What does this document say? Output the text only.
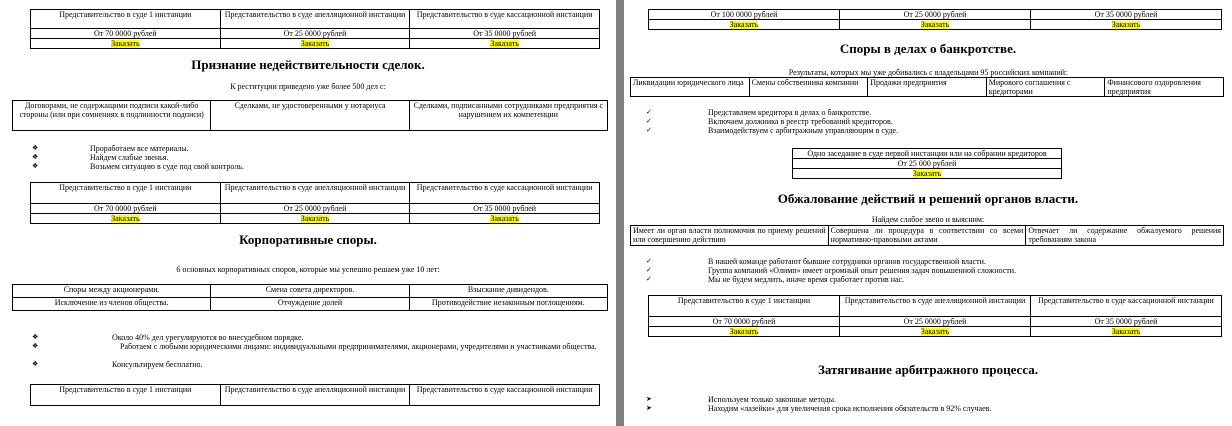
Представительство в суде 1 инстанции	Представительство в суде апелляционной инстанции	Представительство в суде кассационной инстанции
От 70 0000 рублей	От 25 0000 рублей	От 35 0000 рублей
Заказать	Заказать	Заказать
Признание недействительности сделок.
К реституции приведено уже более 500 дел с:
Договорами, не содержащими подписи какой-либо стороны (или при сомнениях в подлинности подписи)	Сделками, не удостоверенными у нотариуса	Сделками, подписанными сотрудниками предприятия с нарушением их компетенции
❖	Проработаем все материалы.
❖	Найдем слабые звенья.
❖	Возьмем ситуацию в суде под свой контроль.
Представительство в суде 1 инстанции	Представительство в суде апелляционной инстанции	Представительство в суде кассационной инстанции
От 70 0000 рублей	От 25 0000 рублей	От 35 0000 рублей
Заказать	Заказать	Заказать
Корпоративные споры.
6 основных корпоративных споров, которые мы успешно решаем уже 10 лет:
Споры между акционерами.	Смена совета директоров.	Взыскание дивидендов.
Исключение из членов общества.	Отчуждение долей	Противодействие незаконным поглощениям.
❖	Около 40% дел урегулируются во внесудебном порядке.
❖	Работаем с любыми юридическими лицами: индивидуальными предпринимателями, акционерами, учредителями и участниками общества.
❖	Консультируем бесплатно.
Представительство в суде 1 инстанции	Представительство в суде апелляционной инстанции	Представительство в суде кассационной инстанции
От 100 0000 рублей	От 25 0000 рублей	От 35 0000 рублей
Заказать	Заказать	Заказать
Споры в делах о банкротстве.
Результаты, которых мы уже добивались с владельцами 95 российских компаний:
Ликвидации юридического лица	Смены собственника компании	Продажи предприятия	Мирового соглашения с кредиторами	Финансового оздоровления предприятия
✓	Представляем кредитора в делах о банкротстве.
✓	Включаем должника в реестр требований кредиторов.
✓	Взаимодействуем с арбитражным управляющим в суде.
Одно заседание в суде первой инстанции или на собрании кредиторов
От 25 000 рублей
Заказать
Обжалование действий и решений органов власти.
Найдем слабое звено и выясним:
Имеет ли орган власти полномочия по приему решений или совершению действию	Совершена ли процедура в соответствии со всеми нормативно-правовыми актами	Отвечает ли содержание обжалуемого решения требованиям закона
✓	В нашей команде работают бывшие сотрудники органов государственной власти.
✓	Группа компаний «Олимп» имеет огромный опыт решения задач повышенной сложности.
✓	Мы не будем медлить, иначе время сработает против нас.
Представительство в суде 1 инстанции	Представительство в суде апелляционной инстанции	Представительство в суде кассационной инстанции
От 70 0000 рублей	От 25 0000 рублей	От 35 0000 рублей
Заказать	Заказать	Заказать
Затягивание арбитражного процесса.
➤	Используем только законные методы.
➤	Находим «лазейки» для увеличения срока исполнения обязательств в 92% случаев.
